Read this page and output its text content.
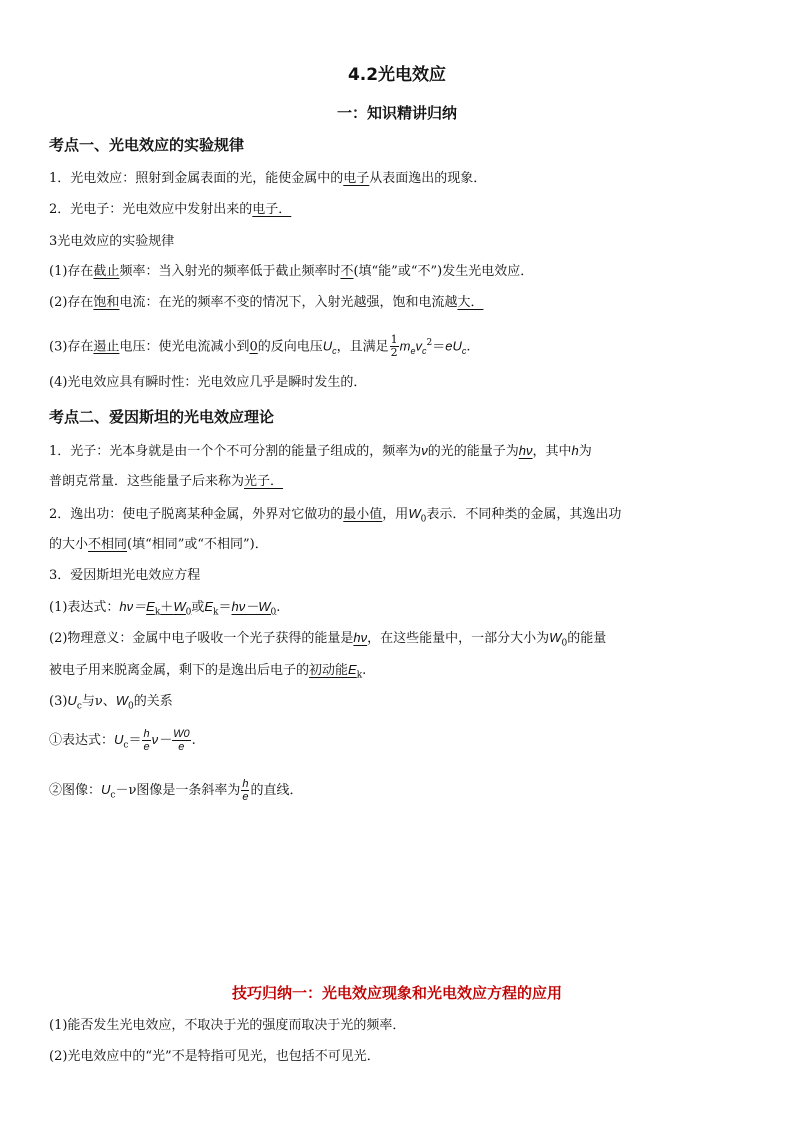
4.2光电效应
一：知识精讲归纳
考点一、光电效应的实验规律
1．光电效应：照射到金属表面的光，能使金属中的电子从表面逸出的现象．
2．光电子：光电效应中发射出来的电子．
3光电效应的实验规律
(1)存在截止频率：当入射光的频率低于截止频率时不(填“能”或“不”)发生光电效应．
(2)存在饱和电流：在光的频率不变的情况下，入射光越强，饱和电流越大．
(3)存在遏止电压：使光电流减小到0的反向电压$U_c$，且满足 $\frac{1}{2} m_ev_c^2=eU_c$.
(4)光电效应具有瞬时性：光电效应几乎是瞬时发生的．
考点二、爱因斯坦的光电效应理论
1．光子：光本身就是由一个个不可分割的能量子组成的，频率为ν的光的能量子为hν，其中h为
普朗克常量．这些能量子后来称为光子．
2．逸出功：使电子脱离某种金属，外界对它做功的最小值，用$W_0$表示．不同种类的金属，其逸出功
的大小不相同(填“相同”或“不相同”)．
3．爱因斯坦光电效应方程
(1)表达式：$h\nu=E_k+W_0$或$E_k=h\nu-W_0$.
(2)物理意义：金属中电子吸收一个光子获得的能量是hν，在这些能量中，一部分大小为$W_0$的能量
被电子用来脱离金属，剩下的是逸出后电子的初动能$E_k$.
$(3)U_c$与ν、$W_0$的关系
①表达式：$U_c= \frac{h}{e} \nu- \frac{W0}{e}$ .
②图像：$U_c-\nu$图像是一条斜率为 $\frac{h}{e}$ 的直线．
技巧归纳一：光电效应现象和光电效应方程的应用
(1)能否发生光电效应，不取决于光的强度而取决于光的频率．
(2)光电效应中的“光”不是特指可见光，也包括不可见光．
